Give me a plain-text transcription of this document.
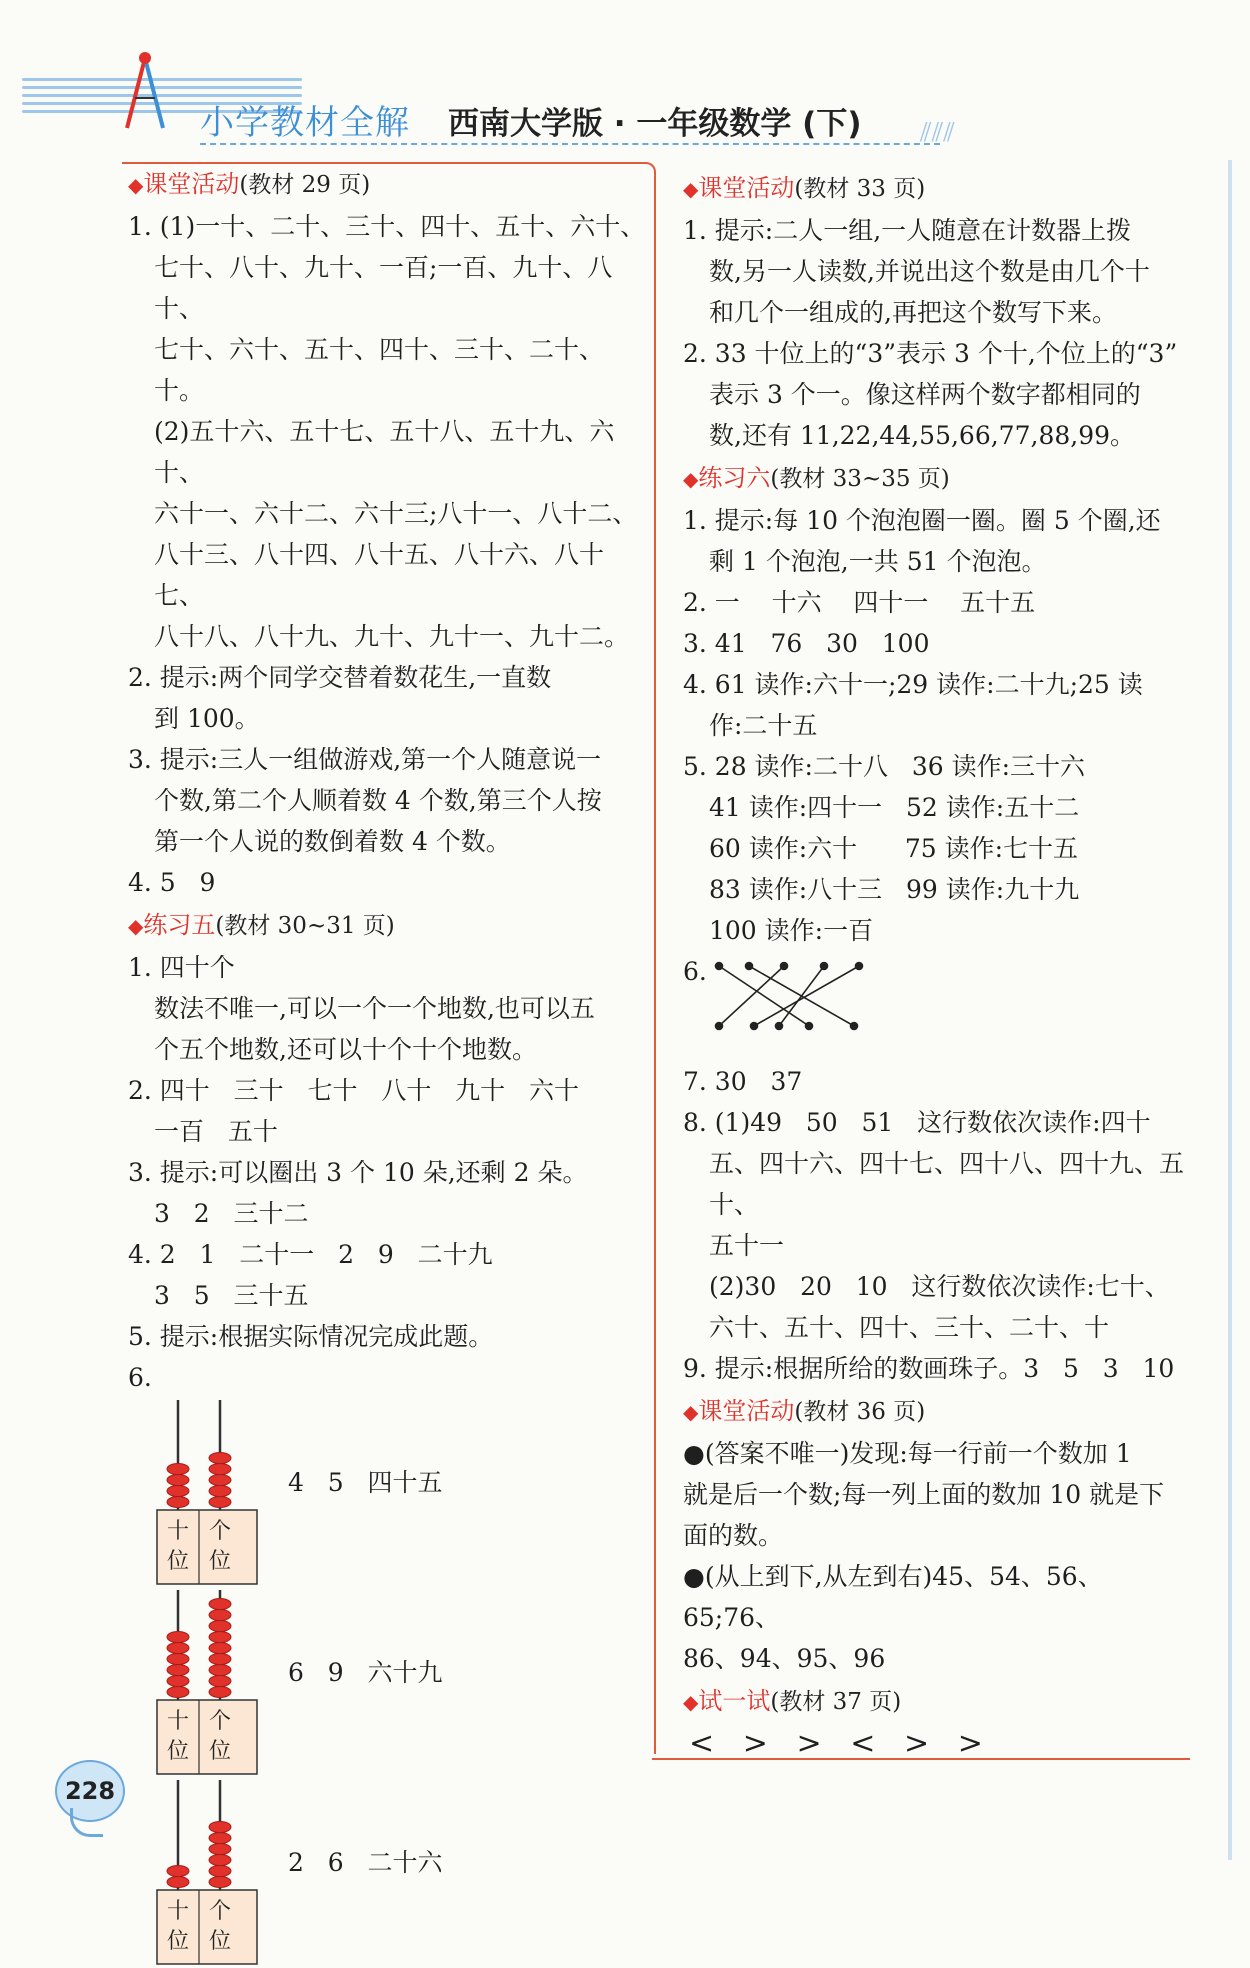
小学教材全解 西南大学版 · 一年级数学 (下) ⫽⫽⫽
◆课堂活动(教材 29 页)
1. (1)一十、二十、三十、四十、五十、六十、
七十、八十、九十、一百;一百、九十、八十、
七十、六十、五十、四十、三十、二十、十。
(2)五十六、五十七、五十八、五十九、六十、
六十一、六十二、六十三;八十一、八十二、
八十三、八十四、八十五、八十六、八十七、
八十八、八十九、九十、九十一、九十二。
2. 提示:两个同学交替着数花生,一直数
到 100。
3. 提示:三人一组做游戏,第一个人随意说一
个数,第二个人顺着数 4 个数,第三个人按
第一个人说的数倒着数 4 个数。
4. 5   9
◆练习五(教材 30~31 页)
1. 四十个
数法不唯一,可以一个一个地数,也可以五
个五个地数,还可以十个十个地数。
2. 四十   三十   七十   八十   九十   六十
一百   五十
3. 提示:可以圈出 3 个 10 朵,还剩 2 朵。
3   2   三十二
4. 2   1   二十一   2   9   二十九
3   5   三十五
5. 提示:根据实际情况完成此题。
6.
十
位
个
位
4   5   四十五
十
位
个
位
6   9   六十九
十
位
个
位
2   6   二十六
◆课堂活动(教材 33 页)
1. 提示:二人一组,一人随意在计数器上拨
数,另一人读数,并说出这个数是由几个十
和几个一组成的,再把这个数写下来。
2. 33 十位上的“3”表示 3 个十,个位上的“3”
表示 3 个一。像这样两个数字都相同的
数,还有 11,22,44,55,66,77,88,99。
◆练习六(教材 33~35 页)
1. 提示:每 10 个泡泡圈一圈。圈 5 个圈,还
剩 1 个泡泡,一共 51 个泡泡。
2. 一    十六    四十一    五十五
3. 41   76   30   100
4. 61 读作:六十一;29 读作:二十九;25 读
作:二十五
5. 28 读作:二十八   36 读作:三十六
41 读作:四十一   52 读作:五十二
60 读作:六十      75 读作:七十五
83 读作:八十三   99 读作:九十九
100 读作:一百
6.
7. 30   37
8. (1)49   50   51   这行数依次读作:四十
五、四十六、四十七、四十八、四十九、五十、
五十一
(2)30   20   10   这行数依次读作:七十、
六十、五十、四十、三十、二十、十
9. 提示:根据所给的数画珠子。3   5   3   10
◆课堂活动(教材 36 页)
●(答案不唯一)发现:每一行前一个数加 1
就是后一个数;每一列上面的数加 10 就是下
面的数。
●(从上到下,从左到右)45、54、56、65;76、
86、94、95、96
◆试一试(教材 37 页)
<   >   >   <   >   >
228
